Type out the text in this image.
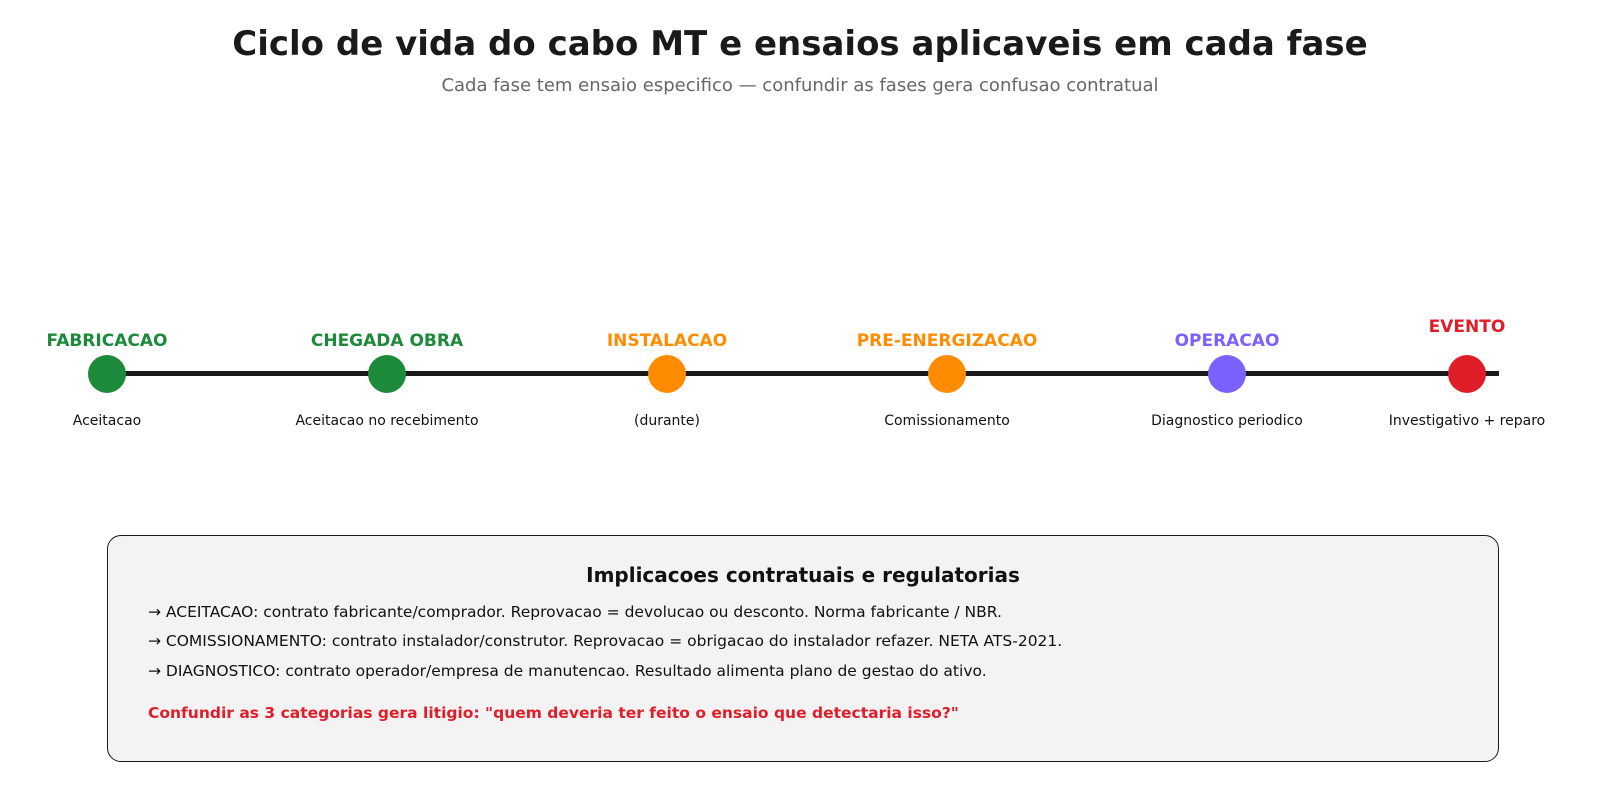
Ciclo de vida do cabo MT e ensaios aplicaveis em cada fase
Cada fase tem ensaio especifico — confundir as fases gera confusao contratual
FABRICACAO
Aceitacao
CHEGADA OBRA
Aceitacao no recebimento
INSTALACAO
(durante)
PRE-ENERGIZACAO
Comissionamento
OPERACAO
Diagnostico periodico
EVENTO
Investigativo + reparo
Implicacoes contratuais e regulatorias
→ ACEITACAO: contrato fabricante/comprador. Reprovacao = devolucao ou desconto. Norma fabricante / NBR.
→ COMISSIONAMENTO: contrato instalador/construtor. Reprovacao = obrigacao do instalador refazer. NETA ATS-2021.
→ DIAGNOSTICO: contrato operador/empresa de manutencao. Resultado alimenta plano de gestao do ativo.
Confundir as 3 categorias gera litigio: "quem deveria ter feito o ensaio que detectaria isso?"
